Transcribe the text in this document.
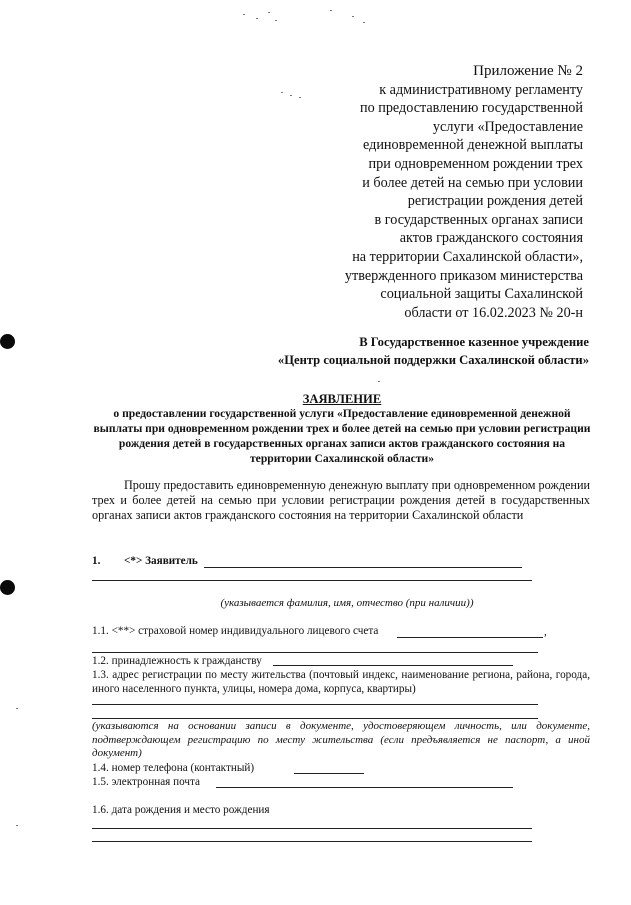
Приложение № 2
к административному регламенту
по предоставлению государственной
услуги «Предоставление
единовременной денежной выплаты
при одновременном рождении трех
и более детей на семью при условии
регистрации рождения детей
в государственных органах записи
актов гражданского состояния
на территории Сахалинской области»,
утвержденного приказом министерства
социальной защиты Сахалинской
области от 16.02.2023 № 20-н
В Государственное казенное учреждение
«Центр социальной поддержки Сахалинской области»
ЗАЯВЛЕНИЕ
о предоставлении государственной услуги «Предоставление единовременной денежной выплаты при одновременном рождении трех и более детей на семью при условии регистрации рождения детей в государственных органах записи актов гражданского состояния на территории Сахалинской области»
Прошу предоставить единовременную денежную выплату при одновременном рождении трех и более детей на семью при условии регистрации рождения детей в государственных органах записи актов гражданского состояния на территории Сахалинской области
1. <*> Заявитель
(указывается фамилия, имя, отчество (при наличии))
1.1. <**> страховой номер индивидуального лицевого счета	,
1.2. принадлежность к гражданству
1.3. адрес регистрации по месту жительства (почтовый индекс, наименование региона, района, города, иного населенного пункта, улицы, номера дома, корпуса, квартиры)
(указываются на основании записи в документе, удостоверяющем личность, или документе, подтверждающем регистрацию по месту жительства (если предъявляется не паспорт, а иной документ)
1.4. номер телефона (контактный)
1.5. электронная почта
1.6. дата рождения и место рождения
